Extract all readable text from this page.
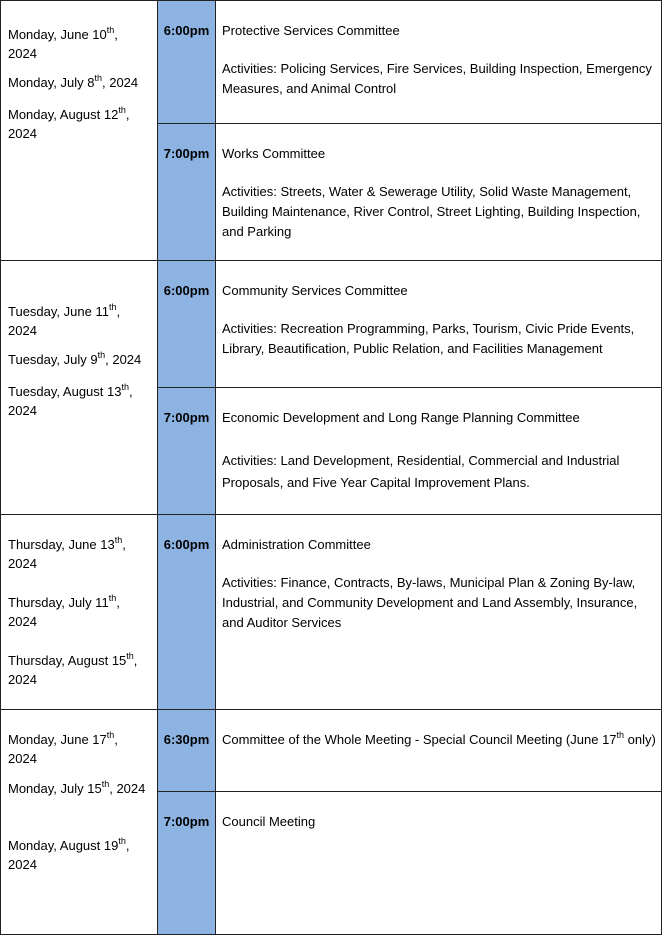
Monday, June 10th,
2024

Monday, July 8th, 2024

Monday, August 12th,
2024

6:00pm Protective Services Committee

Activities: Policing Services, Fire Services, Building Inspection, Emergency Measures, and Animal Control

7:00pm Works Committee

Activities: Streets, Water & Sewerage Utility, Solid Waste Management, Building Maintenance, River Control, Street Lighting, Building Inspection, and Parking

Tuesday, June 11th,
2024

Tuesday, July 9th, 2024

Tuesday, August 13th,
2024

6:00pm Community Services Committee

Activities: Recreation Programming, Parks, Tourism, Civic Pride Events, Library, Beautification, Public Relation, and Facilities Management

7:00pm Economic Development and Long Range Planning Committee

Activities: Land Development, Residential, Commercial and Industrial Proposals, and Five Year Capital Improvement Plans.

Thursday, June 13th,
2024

Thursday, July 11th,
2024

Thursday, August 15th,
2024

6:00pm Administration Committee

Activities: Finance, Contracts, By-laws, Municipal Plan & Zoning By-law, Industrial, and Community Development and Land Assembly, Insurance, and Auditor Services

Monday, June 17th,
2024

Monday, July 15th, 2024

Monday, August 19th,
2024

6:30pm Committee of the Whole Meeting - Special Council Meeting (June 17th only)

7:00pm Council Meeting
